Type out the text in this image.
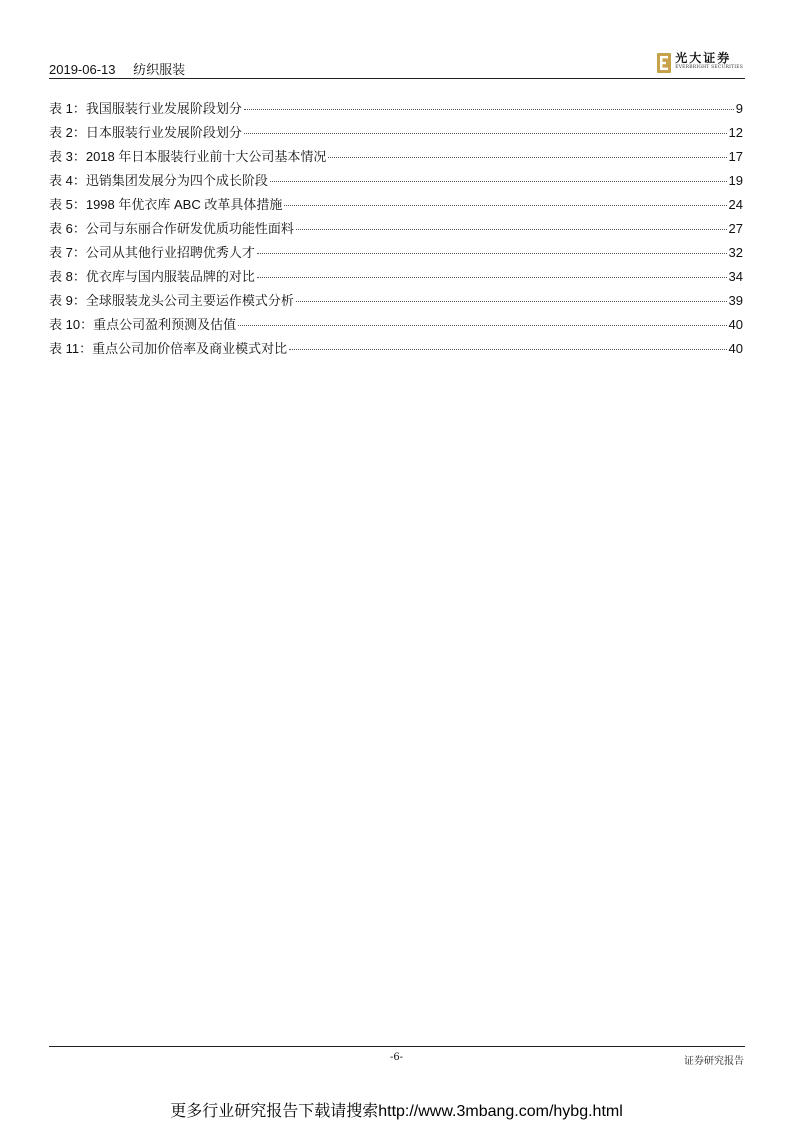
2019-06-13 纺织服装
光大证券
EVERBRIGHT SECURITIES
表 1：我国服装行业发展阶段划分	9
表 2：日本服装行业发展阶段划分	12
表 3：2018 年日本服装行业前十大公司基本情况	17
表 4：迅销集团发展分为四个成长阶段	19
表 5：1998 年优衣库 ABC 改革具体措施	24
表 6：公司与东丽合作研发优质功能性面料	27
表 7：公司从其他行业招聘优秀人才	32
表 8：优衣库与国内服装品牌的对比	34
表 9：全球服装龙头公司主要运作模式分析	39
表 10：重点公司盈利预测及估值	40
表 11：重点公司加价倍率及商业模式对比	40
-6-	证券研究报告
更多行业研究报告下载请搜索http://www.3mbang.com/hybg.html
